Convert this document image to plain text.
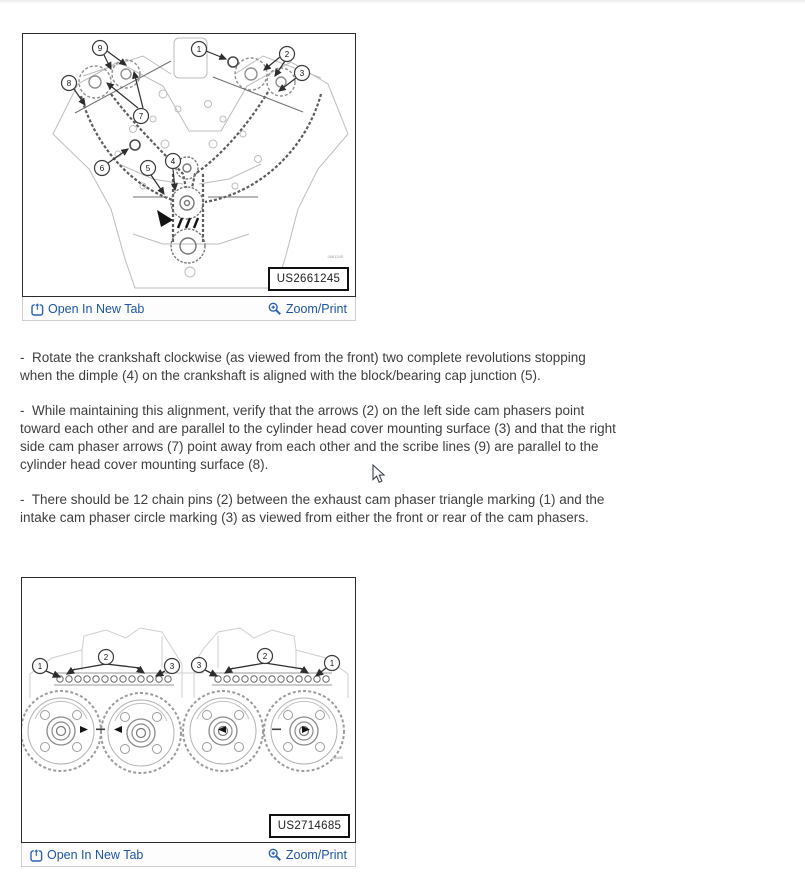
9	1
2
3
8
7
6	5
4
2661245
US2661245
Open In New Tab	Zoom/Print

-  Rotate the crankshaft clockwise (as viewed from the front) two complete revolutions stopping when the dimple (4) on the crankshaft is aligned with the block/bearing cap junction (5).

-  While maintaining this alignment, verify that the arrows (2) on the left side cam phasers point toward each other and are parallel to the cylinder head cover mounting surface (3) and that the right side cam phaser arrows (7) point away from each other and the scribe lines (9) are parallel to the cylinder head cover mounting surface (8).

-  There should be 12 chain pins (2) between the exhaust cam phaser triangle marking (1) and the intake cam phaser circle marking (3) as viewed from either the front or rear of the cam phasers.

1
2
3	3
2
1
14685
US2714685
Open In New Tab	Zoom/Print
